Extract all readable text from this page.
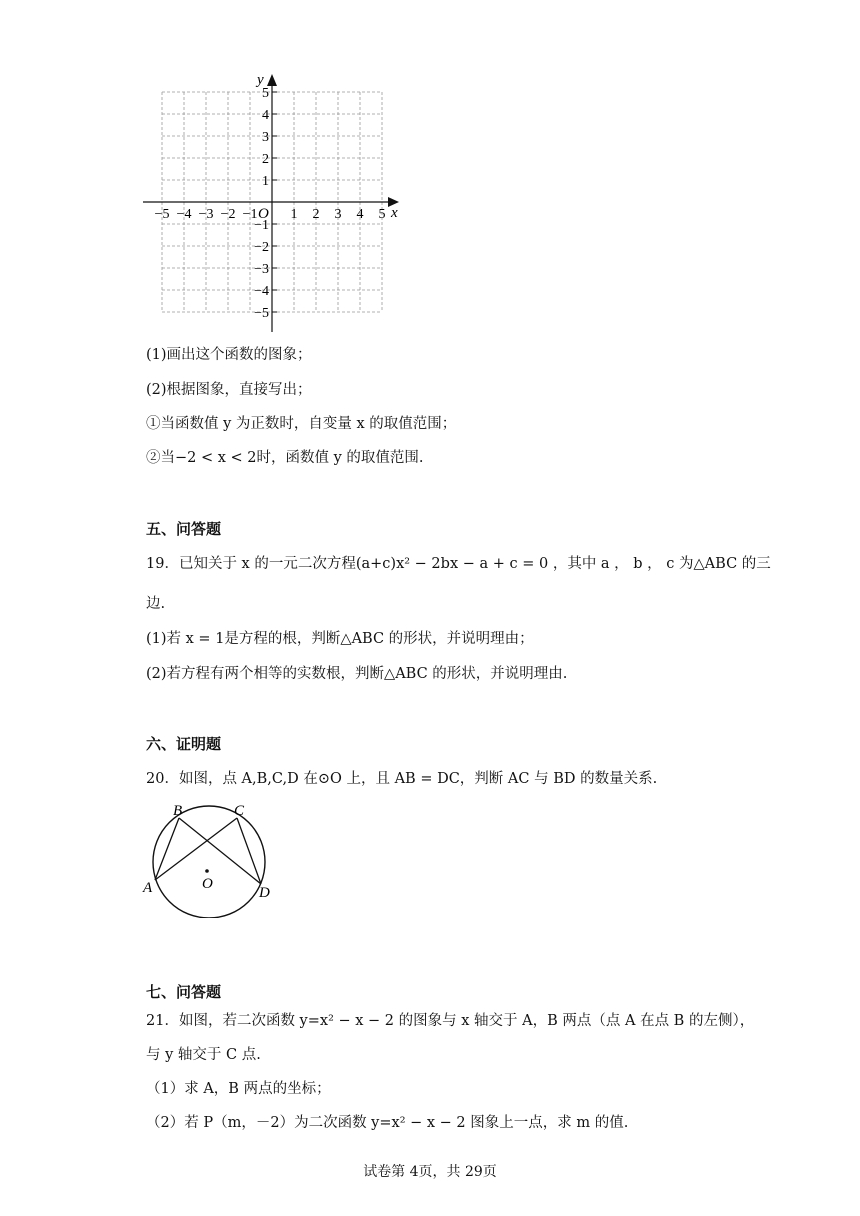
y
x
O
−5 −4 −3 −2 −1 1 2 3 4 5
5
4
3
2
1
−1
−2
−3
−4
−5
(1)画出这个函数的图象；
(2)根据图象，直接写出；
①当函数值 y 为正数时，自变量 x 的取值范围；
②当−2 < x < 2时，函数值 y 的取值范围.
五、问答题
19．已知关于 x 的一元二次方程(a+c)x² − 2bx − a + c = 0 ，其中 a ， b ， c 为△ABC 的三
边.
(1)若 x = 1是方程的根，判断△ABC 的形状，并说明理由；
(2)若方程有两个相等的实数根，判断△ABC 的形状，并说明理由.
六、证明题
20．如图，点 A,B,C,D 在⊙O 上，且 AB = DC，判断 AC 与 BD 的数量关系.
B	C
A	D
O
七、问答题
21．如图，若二次函数 y=x² − x − 2 的图象与 x 轴交于 A，B 两点（点 A 在点 B 的左侧），
与 y 轴交于 C 点.
（1）求 A，B 两点的坐标；
（2）若 P（m，－2）为二次函数 y=x² − x − 2 图象上一点，求 m 的值.
试卷第 4页，共 29页
